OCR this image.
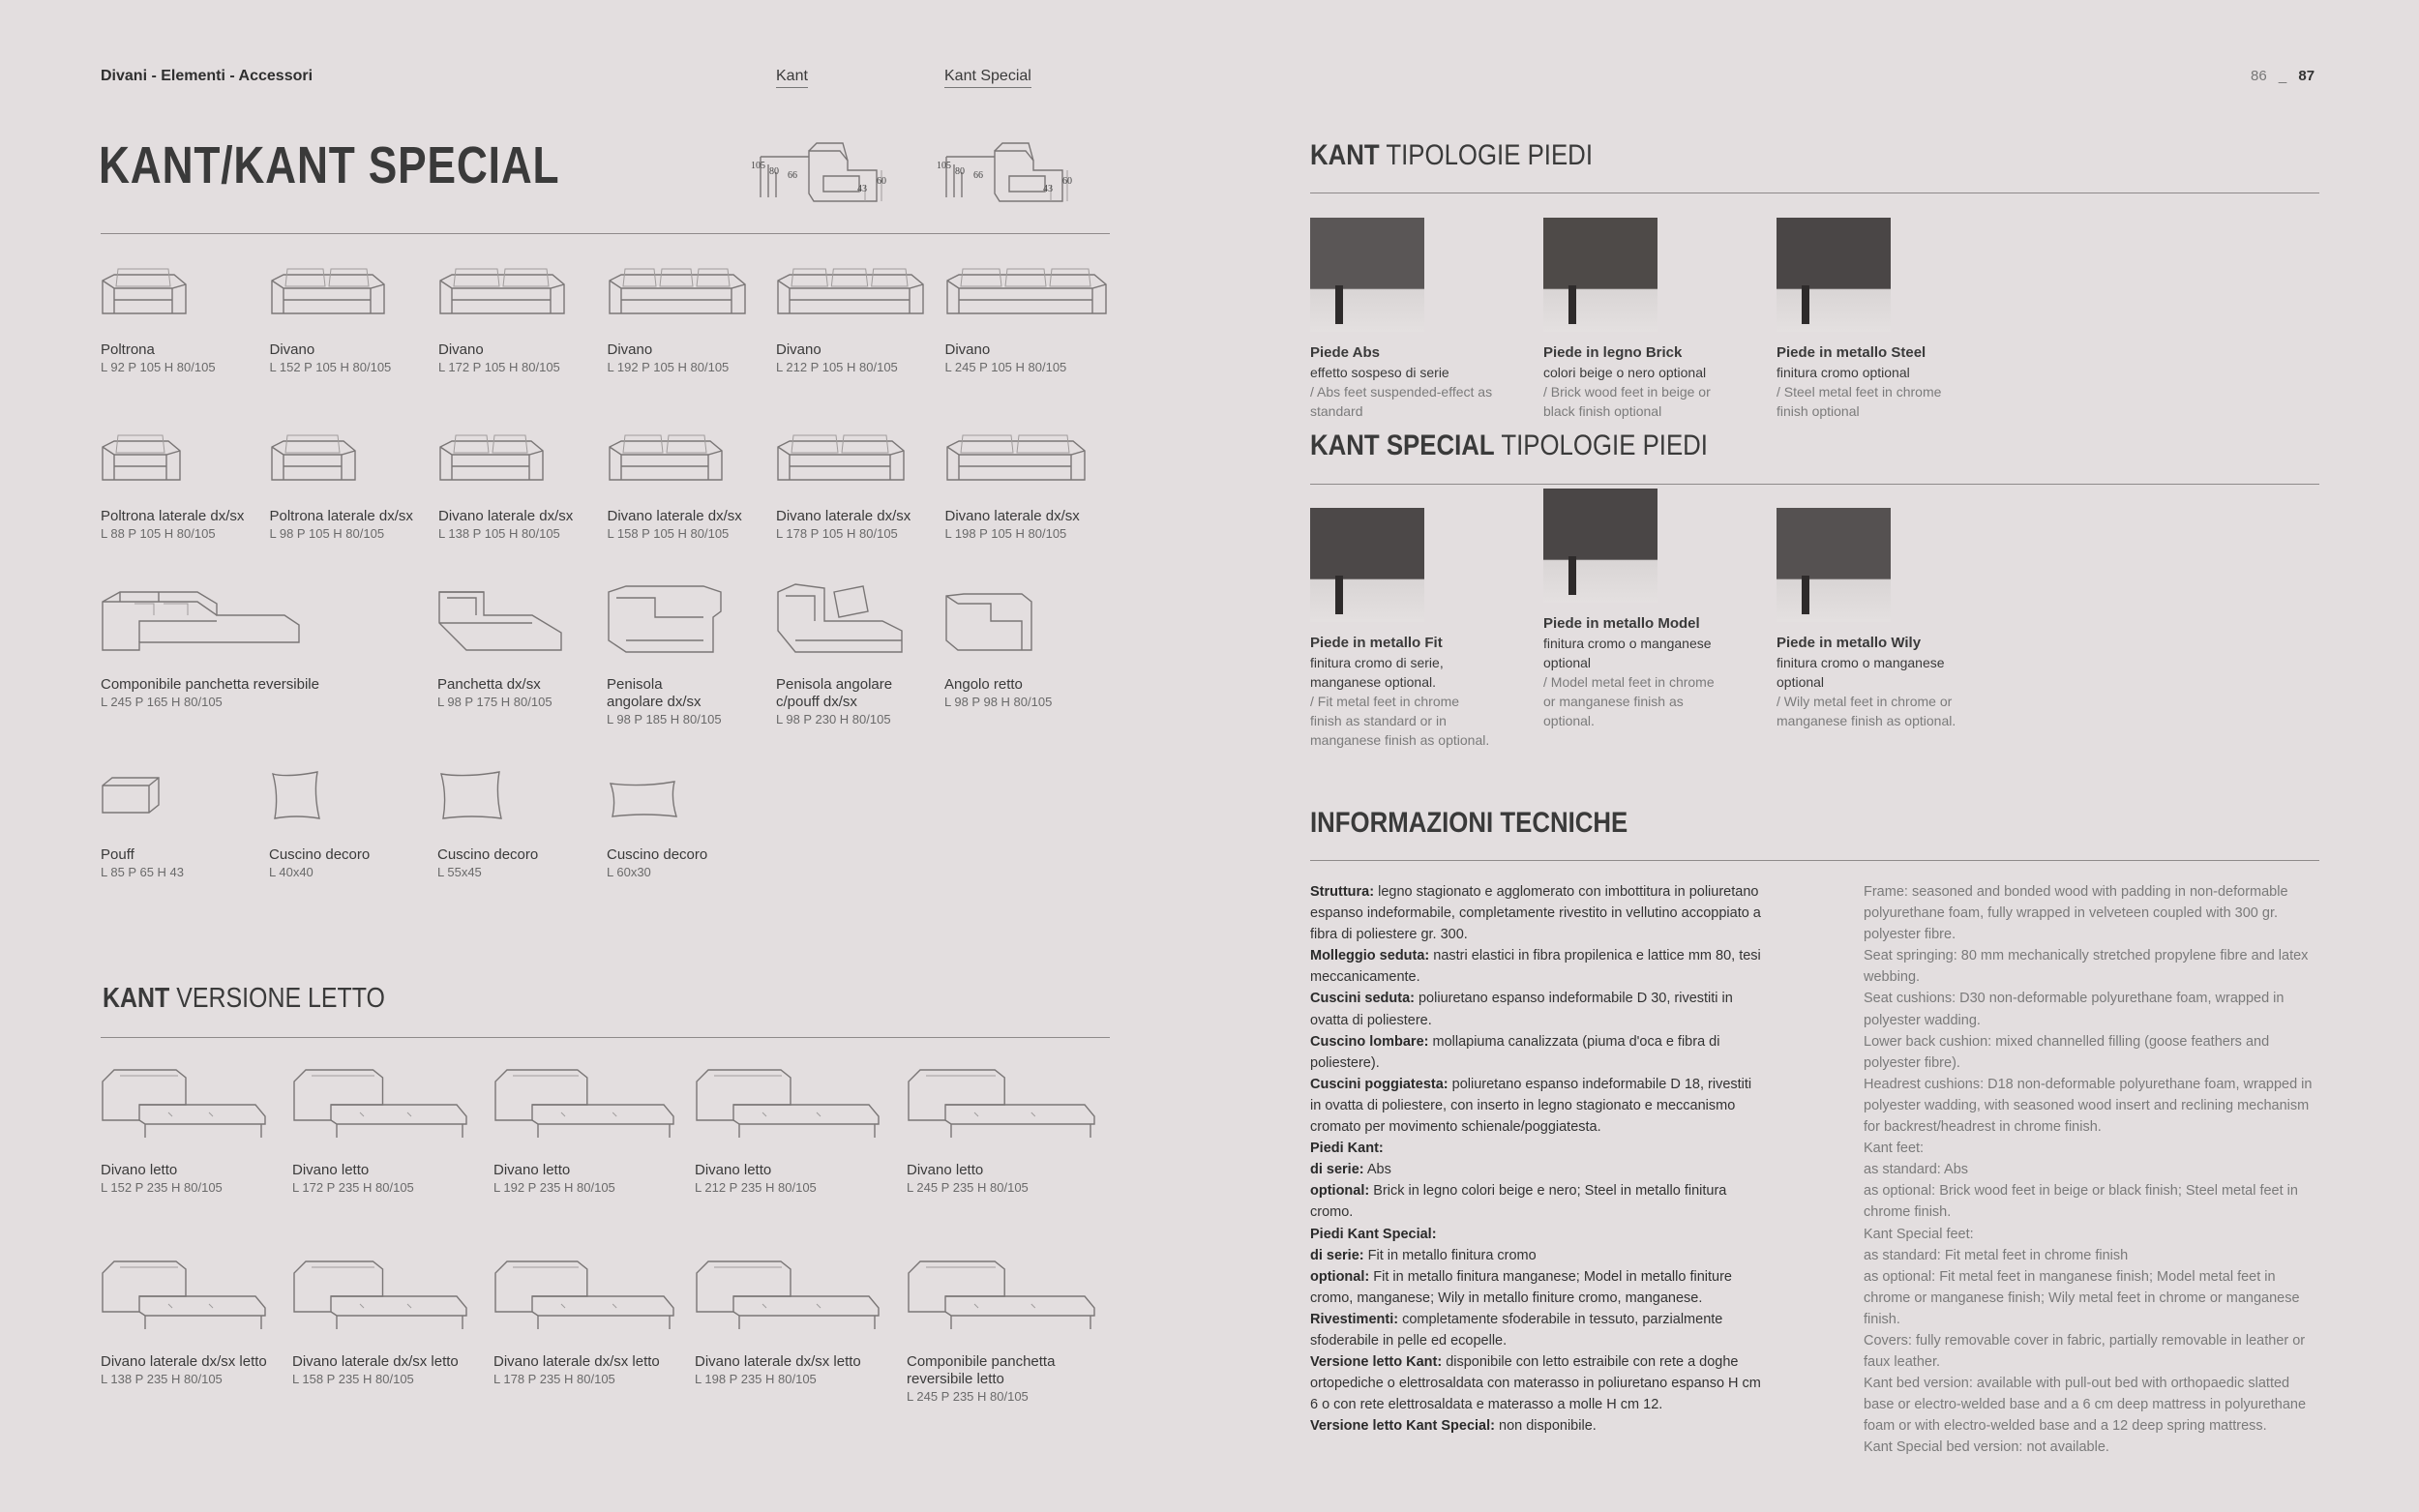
Divani - Elementi - Accessori	Kant	Kant Special	86 _ 87
KANT/KANT SPECIAL	105
80 66
43
60
105
80 66
43
60
Poltrona
L 92 P 105 H 80/105
Divano
L 152 P 105 H 80/105
Divano
L 172 P 105 H 80/105
Divano
L 192 P 105 H 80/105
Divano
L 212 P 105 H 80/105
Divano
L 245 P 105 H 80/105
Poltrona laterale dx/sx
L 88 P 105 H 80/105
Poltrona laterale dx/sx
L 98 P 105 H 80/105
Divano laterale dx/sx
L 138 P 105 H 80/105
Divano laterale dx/sx
L 158 P 105 H 80/105
Divano laterale dx/sx
L 178 P 105 H 80/105
Divano laterale dx/sx
L 198 P 105 H 80/105
Componibile panchetta reversibile
L 245 P 165 H 80/105
Panchetta dx/sx
L 98 P 175 H 80/105
Penisola angolare dx/sx
L 98 P 185 H 80/105
Penisola angolare c/pouff dx/sx
L 98 P 230 H 80/105
Angolo retto
L 98 P 98 H 80/105
Pouff
L 85 P 65 H 43
Cuscino decoro
L 40x40
Cuscino decoro
L 55x45
Cuscino decoro
L 60x30
KANT VERSIONE LETTO
Divano letto
L 152 P 235 H 80/105
Divano letto
L 172 P 235 H 80/105
Divano letto
L 192 P 235 H 80/105
Divano letto
L 212 P 235 H 80/105
Divano letto
L 245 P 235 H 80/105
Divano laterale dx/sx letto
L 138 P 235 H 80/105
Divano laterale dx/sx letto
L 158 P 235 H 80/105
Divano laterale dx/sx letto
L 178 P 235 H 80/105
Divano laterale dx/sx letto
L 198 P 235 H 80/105
Componibile panchetta reversibile letto
L 245 P 235 H 80/105
KANT TIPOLOGIE PIEDI
Piede Abs
effetto sospeso di serie
/ Abs feet suspended-effect as standard
Piede in legno Brick
colori beige o nero optional
/ Brick wood feet in beige or black finish optional
Piede in metallo Steel
finitura cromo optional
/ Steel metal feet in chrome finish optional
KANT SPECIAL TIPOLOGIE PIEDI
Piede in metallo Fit
finitura cromo di serie, manganese optional.
/ Fit metal feet in chrome finish as standard or in manganese finish as optional.
Piede in metallo Model
finitura cromo o manganese optional
/ Model metal feet in chrome or manganese finish as optional.
Piede in metallo Wily
finitura cromo o manganese optional
/ Wily metal feet in chrome or manganese finish as optional.
INFORMAZIONI TECNICHE
Struttura: legno stagionato e agglomerato con imbottitura in poliuretano espanso indeformabile, completamente rivestito in vellutino accoppiato a fibra di poliestere gr. 300.
Molleggio seduta: nastri elastici in fibra propilenica e lattice mm 80, tesi meccanicamente.
Cuscini seduta: poliuretano espanso indeformabile D 30, rivestiti in ovatta di poliestere.
Cuscino lombare: mollapiuma canalizzata (piuma d'oca e fibra di poliestere).
Cuscini poggiatesta: poliuretano espanso indeformabile D 18, rivestiti in ovatta di poliestere, con inserto in legno stagionato e meccanismo cromato per movimento schienale/poggiatesta.
Piedi Kant:
di serie: Abs
optional: Brick in legno colori beige e nero; Steel in metallo finitura cromo.
Piedi Kant Special:
di serie: Fit in metallo finitura cromo
optional: Fit in metallo finitura manganese; Model in metallo finiture cromo, manganese; Wily in metallo finiture cromo, manganese.
Rivestimenti: completamente sfoderabile in tessuto, parzialmente sfoderabile in pelle ed ecopelle.
Versione letto Kant: disponibile con letto estraibile con rete a doghe ortopediche o elettrosaldata con materasso in poliuretano espanso H cm 6 o con rete elettrosaldata e materasso a molle H cm 12.
Versione letto Kant Special: non disponibile.
Frame: seasoned and bonded wood with padding in non-deformable polyurethane foam, fully wrapped in velveteen coupled with 300 gr. polyester fibre.
Seat springing: 80 mm mechanically stretched propylene fibre and latex webbing.
Seat cushions: D30 non-deformable polyurethane foam, wrapped in polyester wadding.
Lower back cushion: mixed channelled filling (goose feathers and polyester fibre).
Headrest cushions: D18 non-deformable polyurethane foam, wrapped in polyester wadding, with seasoned wood insert and reclining mechanism for backrest/headrest in chrome finish.
Kant feet:
as standard: Abs
as optional: Brick wood feet in beige or black finish; Steel metal feet in chrome finish.
Kant Special feet:
as standard: Fit metal feet in chrome finish
as optional: Fit metal feet in manganese finish; Model metal feet in chrome or manganese finish; Wily metal feet in chrome or manganese finish.
Covers: fully removable cover in fabric, partially removable in leather or faux leather.
Kant bed version: available with pull-out bed with orthopaedic slatted base or electro-welded base and a 6 cm deep mattress in polyurethane foam or with electro-welded base and a 12 deep spring mattress.
Kant Special bed version: not available.
